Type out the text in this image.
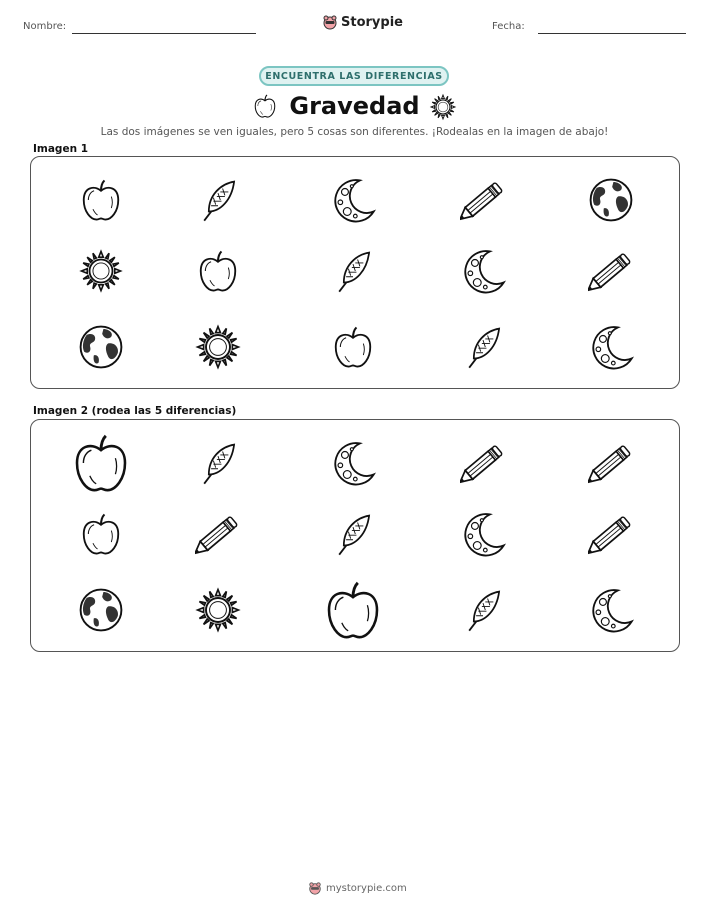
Nombre:	Storypie	Fecha:
ENCUENTRA LAS DIFERENCIAS
Gravedad
Las dos imágenes se ven iguales, pero 5 cosas son diferentes. ¡Rodealas en la imagen de abajo!
Imagen 1
Imagen 2 (rodea las 5 diferencias)
mystorypie.com
